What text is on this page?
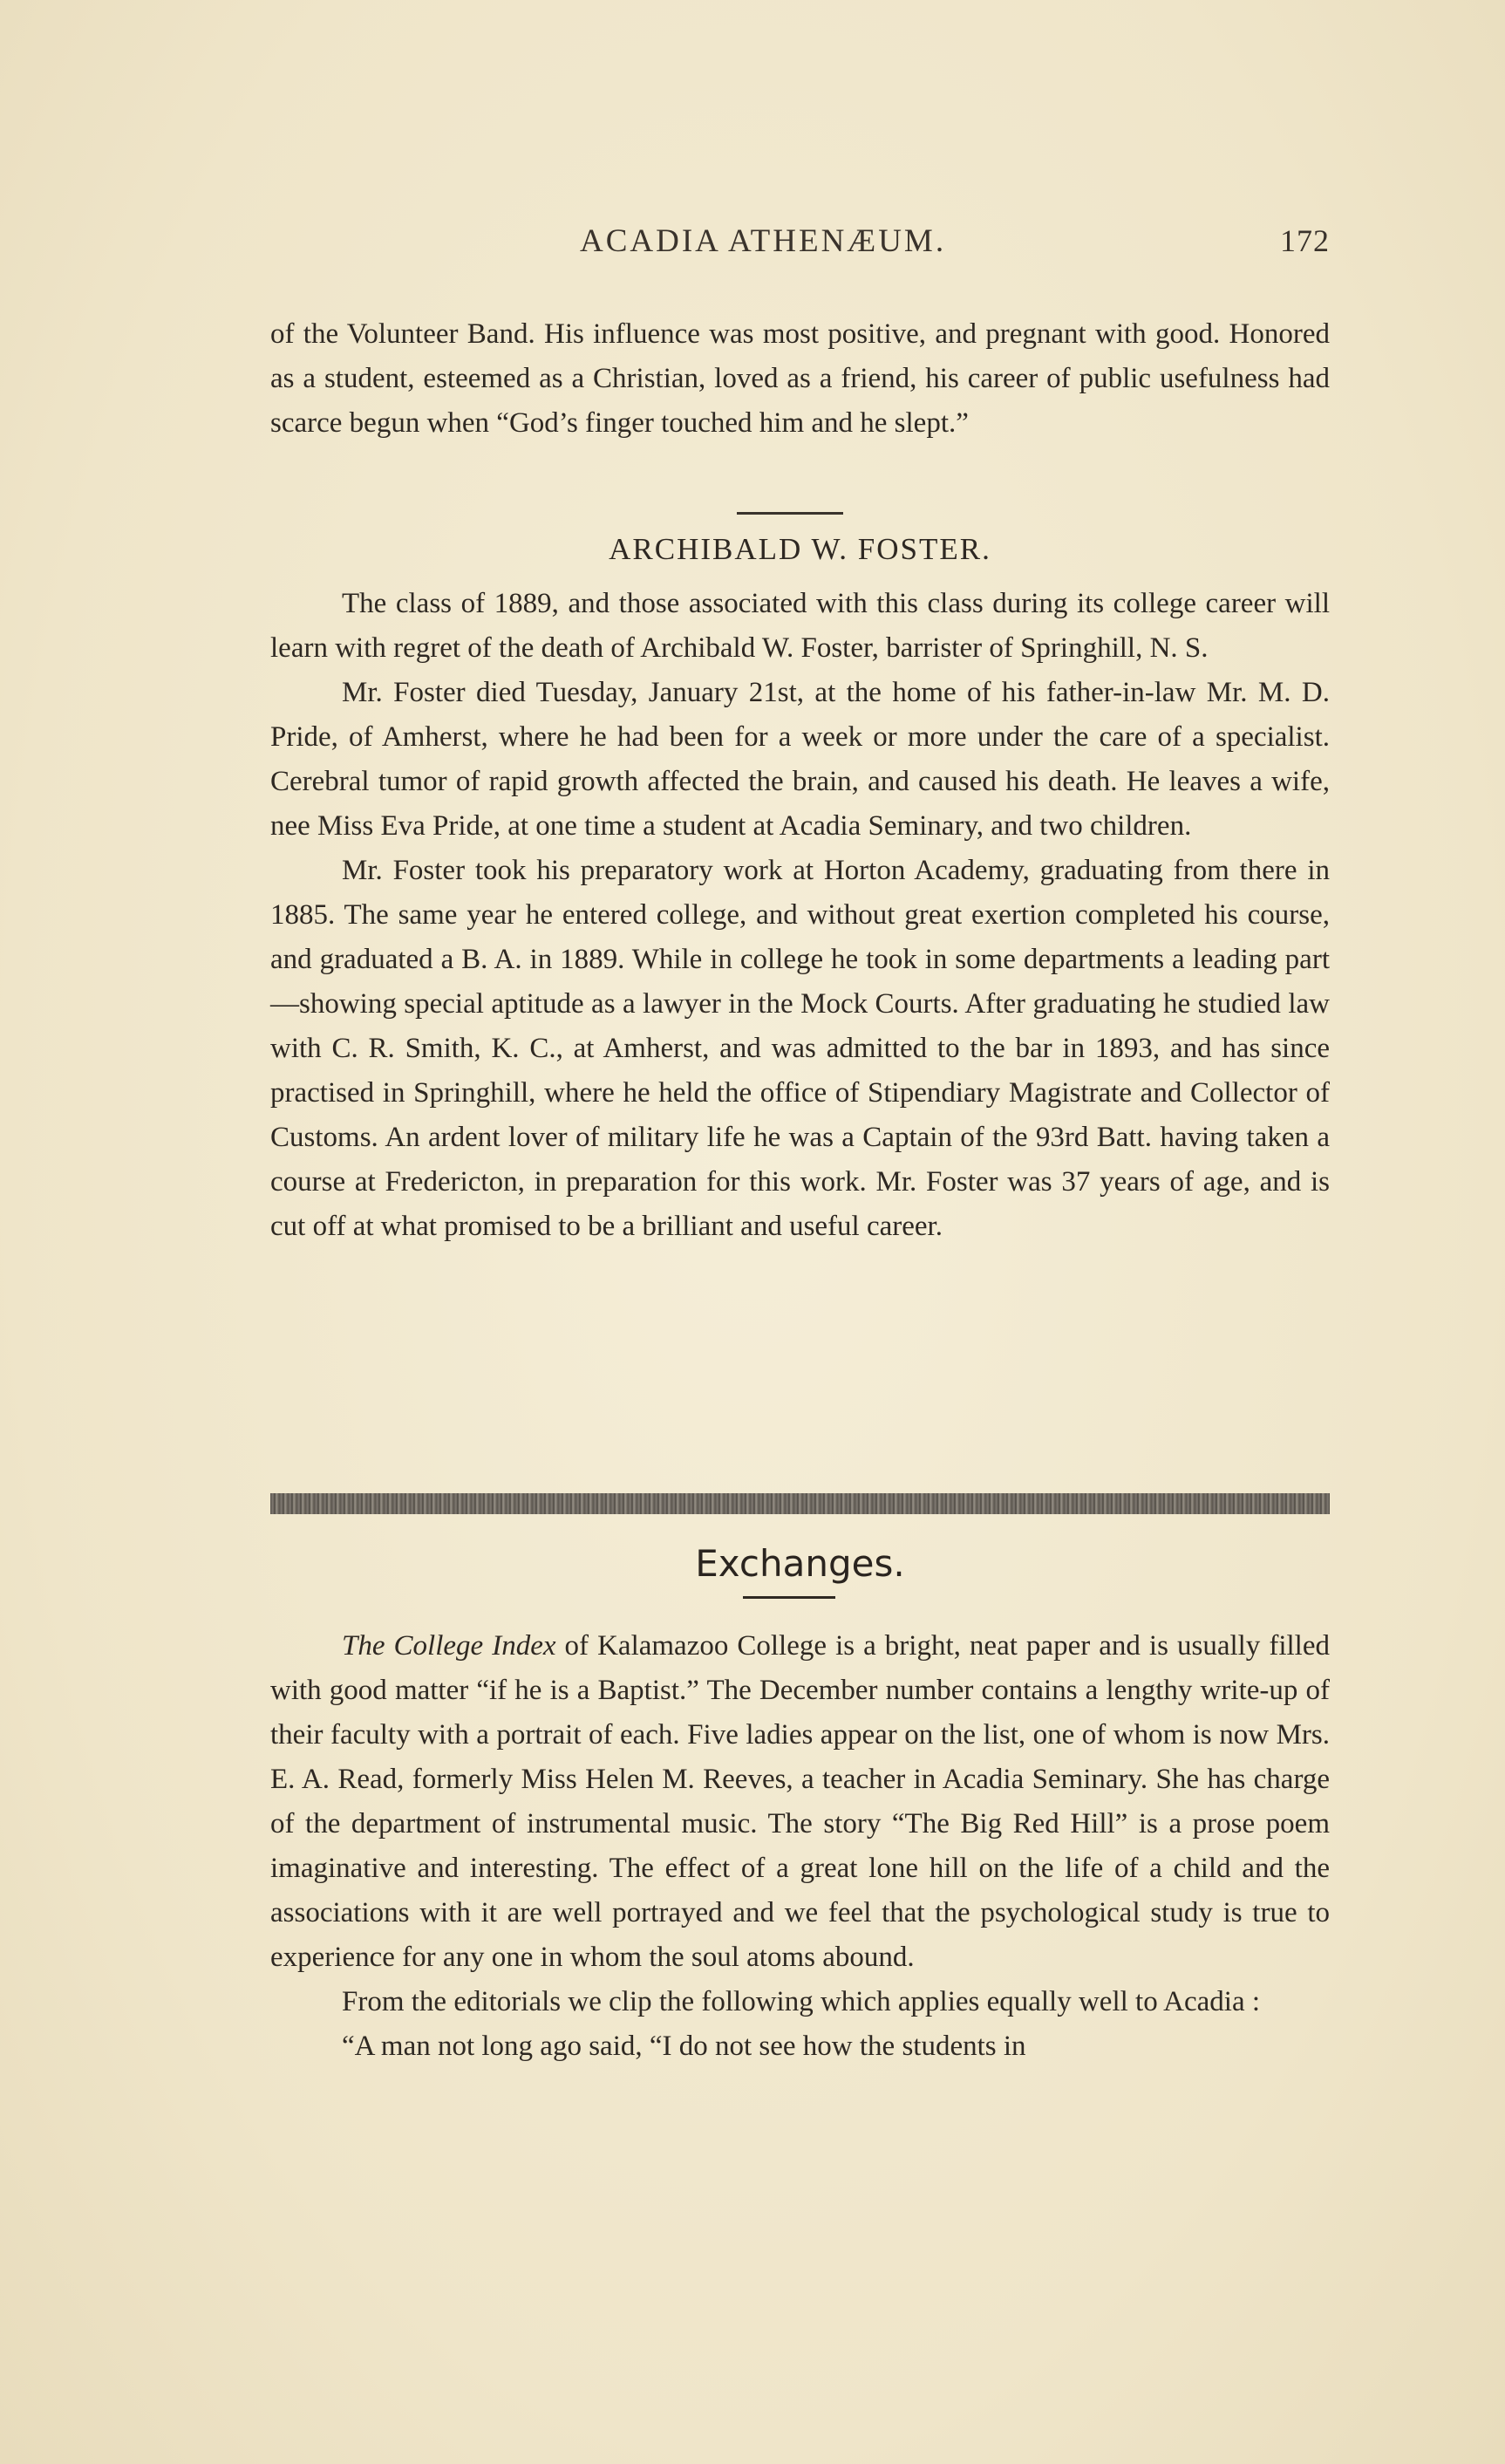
ACADIA ATHENÆUM.	172

of the Volunteer Band. His influence was most positive, and pregnant with good. Honored as a student, esteemed as a Christian, loved as a friend, his career of public usefulness had scarce begun when “God’s finger touched him and he slept.”

ARCHIBALD W. FOSTER.

The class of 1889, and those associated with this class during its college career will learn with regret of the death of Archibald W. Foster, barrister of Springhill, N. S.

Mr. Foster died Tuesday, January 21st, at the home of his father-in-law Mr. M. D. Pride, of Amherst, where he had been for a week or more under the care of a specialist. Cerebral tumor of rapid growth affected the brain, and caused his death. He leaves a wife, nee Miss Eva Pride, at one time a student at Acadia Seminary, and two children.

Mr. Foster took his preparatory work at Horton Academy, graduating from there in 1885. The same year he entered college, and without great exertion completed his course, and graduated a B. A. in 1889. While in college he took in some departments a leading part—showing special aptitude as a lawyer in the Mock Courts. After graduating he studied law with C. R. Smith, K. C., at Amherst, and was admitted to the bar in 1893, and has since practised in Springhill, where he held the office of Stipendiary Magistrate and Collector of Customs. An ardent lover of military life he was a Captain of the 93rd Batt. having taken a course at Fredericton, in preparation for this work. Mr. Foster was 37 years of age, and is cut off at what promised to be a brilliant and useful career.

Exchanges.

The College Index of Kalamazoo College is a bright, neat paper and is usually filled with good matter “if he is a Baptist.” The December number contains a lengthy write-up of their faculty with a portrait of each. Five ladies appear on the list, one of whom is now Mrs. E. A. Read, formerly Miss Helen M. Reeves, a teacher in Acadia Seminary. She has charge of the department of instrumental music. The story “The Big Red Hill” is a prose poem imaginative and interesting. The effect of a great lone hill on the life of a child and the associations with it are well portrayed and we feel that the psychological study is true to experience for any one in whom the soul atoms abound.

From the editorials we clip the following which applies equally well to Acadia :

“A man not long ago said, “I do not see how the students in
